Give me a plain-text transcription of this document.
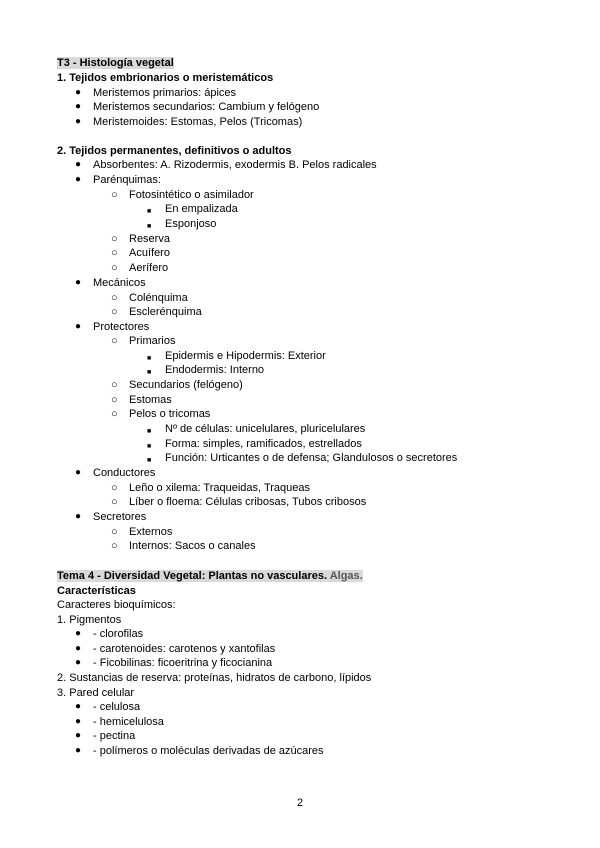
T3 - Histología vegetal
1. Tejidos embrionarios o meristemáticos
● Meristemos primarios: ápices
● Meristemos secundarios: Cambium y felógeno
● Meristemoides: Estomas, Pelos (Tricomas)
2. Tejidos permanentes, definitivos o adultos
● Absorbentes: A. Rizodermis, exodermis B. Pelos radicales
● Parénquimas:
○ Fotosintético o asimilador
■ En empalizada
■ Esponjoso
○ Reserva
○ Acuífero
○ Aerífero
● Mecánicos
○ Colénquima
○ Esclerénquima
● Protectores
○ Primarios
■ Epidermis e Hipodermis: Exterior
■ Endodermis: Interno
○ Secundarios (felógeno)
○ Estomas
○ Pelos o tricomas
■ Nº de células: unicelulares, pluricelulares
■ Forma: simples, ramificados, estrellados
■ Función: Urticantes o de defensa; Glandulosos o secretores
● Conductores
○ Leño o xilema: Traqueidas, Traqueas
○ Líber o floema: Células cribosas, Tubos cribosos
● Secretores
○ Externos
○ Internos: Sacos o canales
Tema 4 - Diversidad Vegetal: Plantas no vasculares. Algas.
Características
Caracteres bioquímicos:
1. Pigmentos
● - clorofilas
● - carotenoides: carotenos y xantofilas
● - Ficobilinas: ficoeritrina y ficocianina
2. Sustancias de reserva: proteínas, hidratos de carbono, lípidos
3. Pared celular
● - celulosa
● - hemicelulosa
● - pectina
● - polímeros o moléculas derivadas de azúcares
2
